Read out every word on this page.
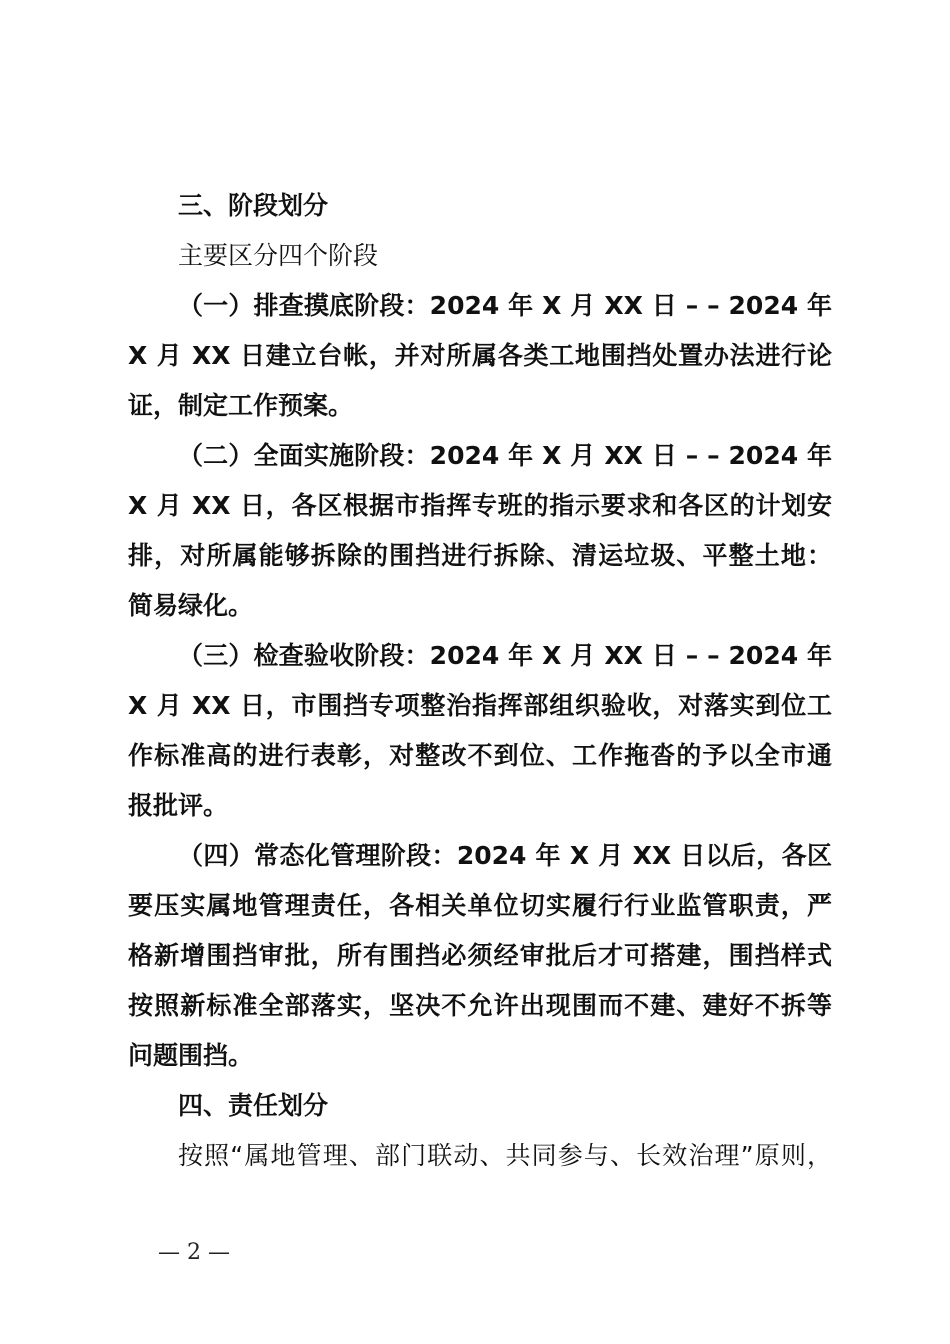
三、阶段划分
主要区分四个阶段
（一）排查摸底阶段：2024 年 X 月 XX 日 – – 2024 年
X 月 XX 日建立台帐，并对所属各类工地围挡处置办法进行论
证，制定工作预案。
（二）全面实施阶段：2024 年 X 月 XX 日 – – 2024 年
X 月 XX 日，各区根据市指挥专班的指示要求和各区的计划安
排，对所属能够拆除的围挡进行拆除、清运垃圾、平整土地：
简易绿化。
（三）检查验收阶段：2024 年 X 月 XX 日 – – 2024 年
X 月 XX 日，市围挡专项整治指挥部组织验收，对落实到位工
作标准高的进行表彰，对整改不到位、工作拖沓的予以全市通
报批评。
（四）常态化管理阶段：2024 年 X 月 XX 日以后，各区
要压实属地管理责任，各相关单位切实履行行业监管职责，严
格新增围挡审批，所有围挡必须经审批后才可搭建，围挡样式
按照新标准全部落实，坚决不允许出现围而不建、建好不拆等
问题围挡。
四、责任划分
按照“属地管理、部门联动、共同参与、长效治理”原则，
— 2 —
